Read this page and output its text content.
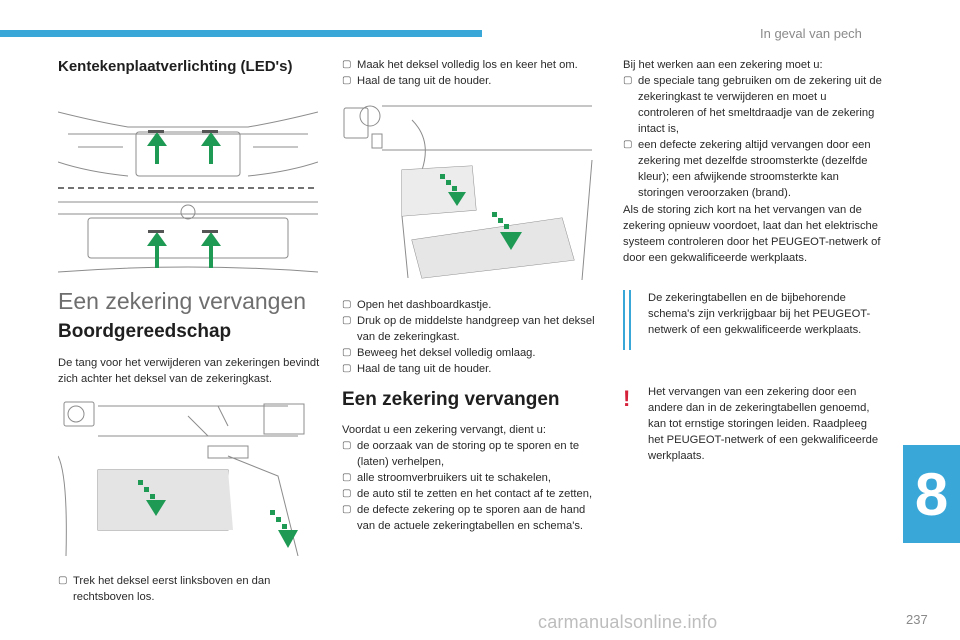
In geval van pech
Kentekenplaatverlichting (LED's)
Een zekering vervangen
Boordgereedschap

De tang voor het verwijderen van zekeringen bevindt zich achter het deksel van de zekeringkast.

▢ Trek het deksel eerst linksboven en dan rechtsboven los.
▢ Maak het deksel volledig los en keer het om.
▢ Haal de tang uit de houder.
▢ Open het dashboardkastje.
▢ Druk op de middelste handgreep van het deksel van de zekeringkast.
▢ Beweeg het deksel volledig omlaag.
▢ Haal de tang uit de houder.
Een zekering vervangen

Voordat u een zekering vervangt, dient u:

▢ de oorzaak van de storing op te sporen en te (laten) verhelpen,
▢ alle stroomverbruikers uit te schakelen,
▢ de auto stil te zetten en het contact af te zetten,
▢ de defecte zekering op te sporen aan de hand van de actuele zekeringtabellen en schema's.

Bij het werken aan een zekering moet u:

▢ de speciale tang gebruiken om de zekering uit de zekeringkast te verwijderen en moet u controleren of het smeltdraadje van de zekering intact is,
▢ een defecte zekering altijd vervangen door een zekering met dezelfde stroomsterkte (dezelfde kleur); een afwijkende stroomsterkte kan storingen veroorzaken (brand).

Als de storing zich kort na het vervangen van de zekering opnieuw voordoet, laat dan het elektrische systeem controleren door het PEUGEOT-netwerk of door een gekwalificeerde werkplaats.

De zekeringtabellen en de bijbehorende schema's zijn verkrijgbaar bij het PEUGEOT-netwerk of een gekwalificeerde werkplaats.
! Het vervangen van een zekering door een andere dan in de zekeringtabellen genoemd, kan tot ernstige storingen leiden. Raadpleeg het PEUGEOT-netwerk of een gekwalificeerde werkplaats.
8
carmanualsonline.info	237
